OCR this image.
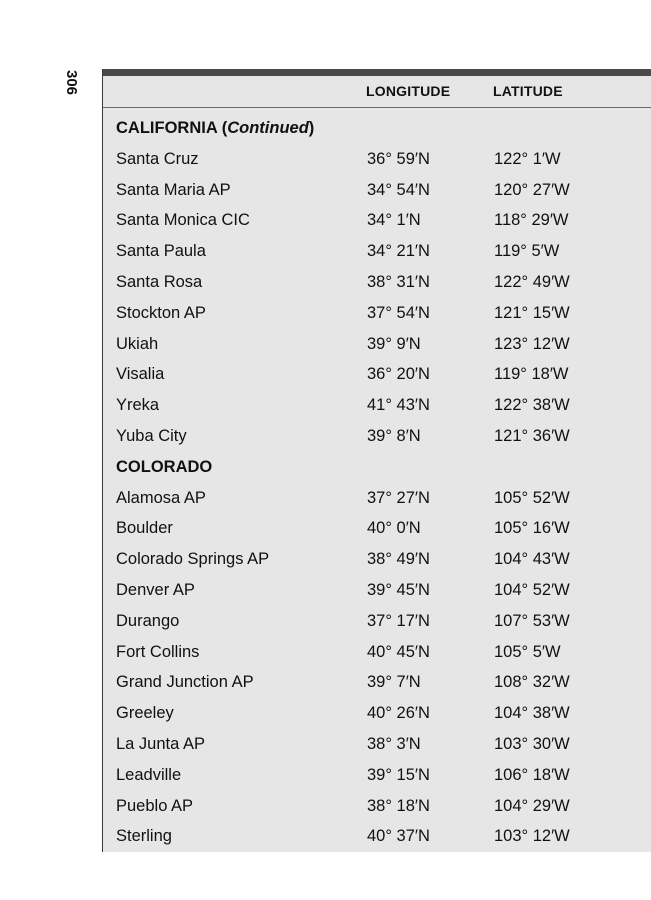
306	LONGITUDE	LATITUDE
CALIFORNIA (Continued)
Santa Cruz	36° 59′N	122° 1′W
Santa Maria AP	34° 54′N	120° 27′W
Santa Monica CIC	34° 1′N	118° 29′W
Santa Paula	34° 21′N	119° 5′W
Santa Rosa	38° 31′N	122° 49′W
Stockton AP	37° 54′N	121° 15′W
Ukiah	39° 9′N	123° 12′W
Visalia	36° 20′N	119° 18′W
Yreka	41° 43′N	122° 38′W
Yuba City	39° 8′N	121° 36′W
COLORADO
Alamosa AP	37° 27′N	105° 52′W
Boulder	40° 0′N	105° 16′W
Colorado Springs AP	38° 49′N	104° 43′W
Denver AP	39° 45′N	104° 52′W
Durango	37° 17′N	107° 53′W
Fort Collins	40° 45′N	105° 5′W
Grand Junction AP	39° 7′N	108° 32′W
Greeley	40° 26′N	104° 38′W
La Junta AP	38° 3′N	103° 30′W
Leadville	39° 15′N	106° 18′W
Pueblo AP	38° 18′N	104° 29′W
Sterling	40° 37′N	103° 12′W
